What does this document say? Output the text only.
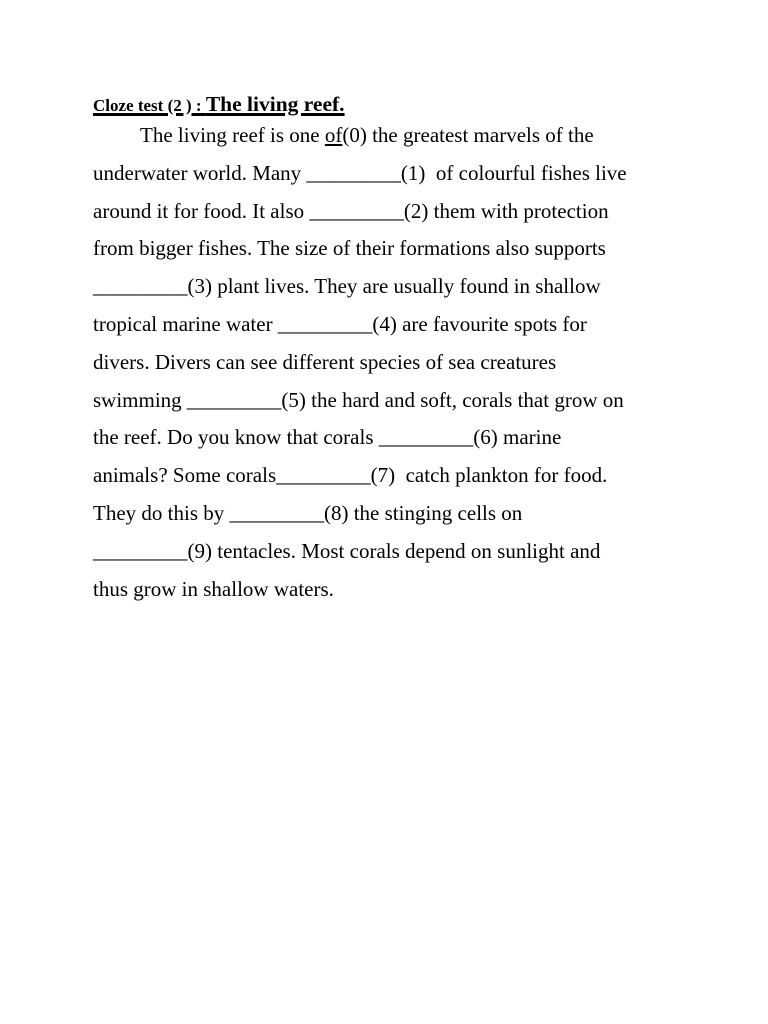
Cloze test (2 ) : The living reef.
The living reef is one of(0) the greatest marvels of the
underwater world. Many _________(1)  of colourful fishes live
around it for food. It also _________(2) them with protection
from bigger fishes. The size of their formations also supports
_________(3) plant lives. They are usually found in shallow
tropical marine water _________(4) are favourite spots for
divers. Divers can see different species of sea creatures
swimming _________(5) the hard and soft, corals that grow on
the reef. Do you know that corals _________(6) marine
animals? Some corals_________(7)  catch plankton for food.
They do this by _________(8) the stinging cells on
_________(9) tentacles. Most corals depend on sunlight and
thus grow in shallow waters.
